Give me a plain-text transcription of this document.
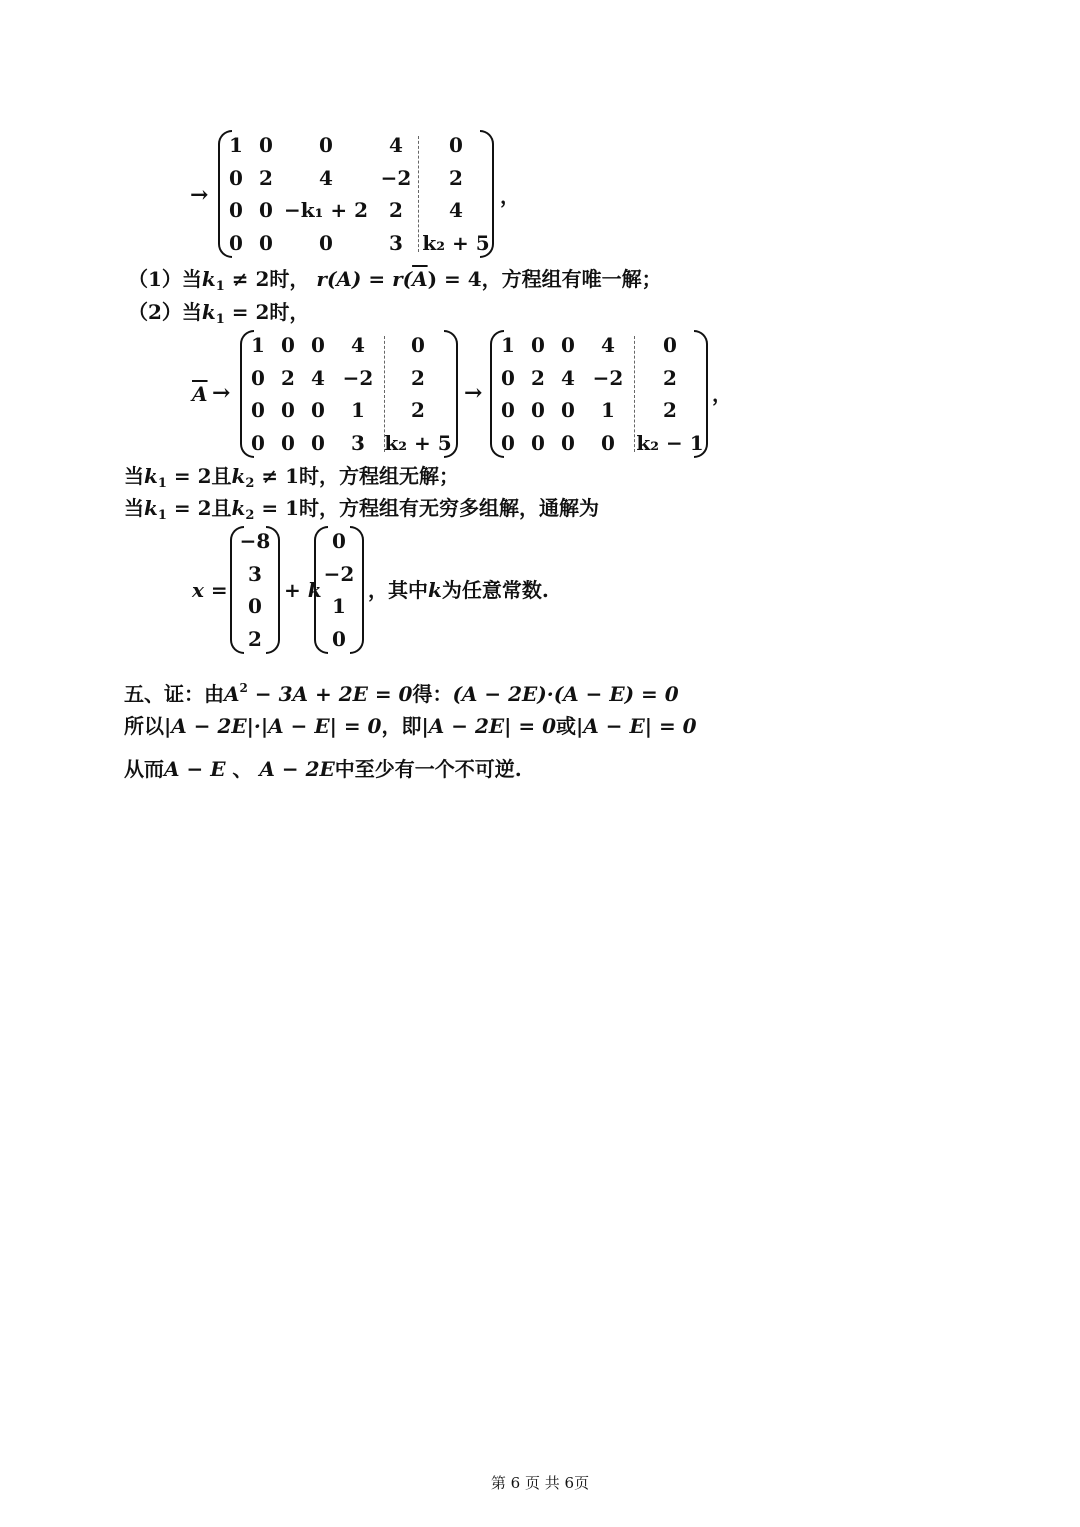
→
1 0 0	4 0
0 2 4 −2 2
0 0 −k₁ + 2 2 4
0 0 0	3 k₂ + 5
，
（1）当$k_1 \ne 2$时， $r(A) = r(\overline{A}) = 4$，方程组有唯一解；
（2）当$k_1 = 2$时，
$\overline{A}$ →
1 0 0 4 0
0 2 4 −2 2
0 0 0 1 2
0 0 0 3 k₂ + 5
→
1 0 0 4 0
0 2 4 −2 2
0 0 0 1 2
0 0 0 0 k₂ − 1
，
当$k_1 = 2$且$k_2 \ne 1$时，方程组无解；
当$k_1 = 2$且$k_2 = 1$时，方程组有无穷多组解，通解为
x =
−8
3
0
2
+ k
0
−2
1
0
，其中k为任意常数.
五、证：由$A^2 - 3A + 2E = 0$得：(A − 2E)·(A − E) = 0
所以|A − 2E|·|A − E| = 0，即|A − 2E| = 0或|A − E| = 0
从而A − E 、 A − 2E中至少有一个不可逆.
第 6 页 共 6页
